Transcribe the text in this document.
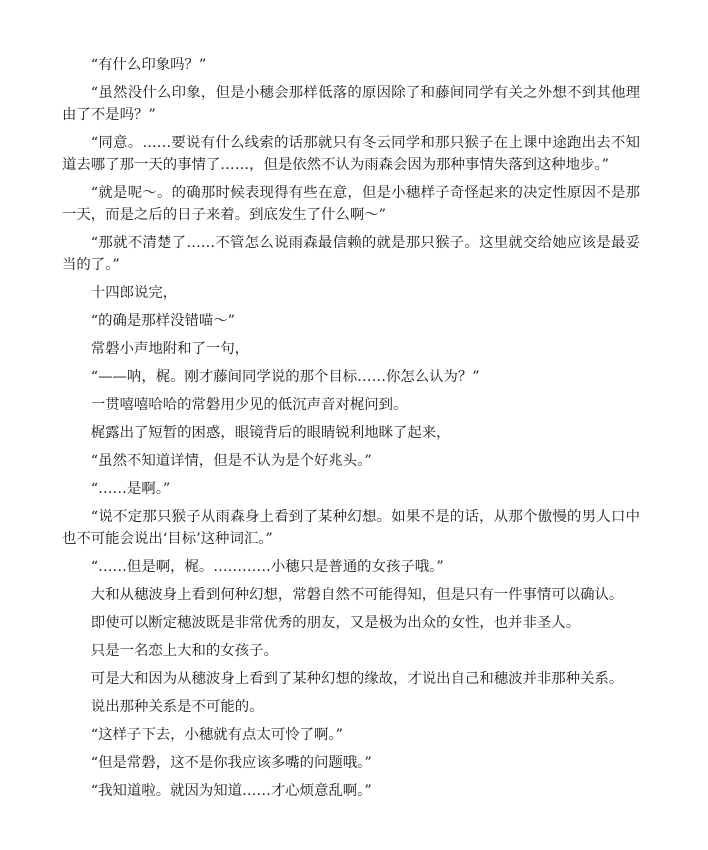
“有什么印象吗？”

“虽然没什么印象，但是小穗会那样低落的原因除了和藤间同学有关之外想不到其他理由了不是吗？”

“同意。……要说有什么线索的话那就只有冬云同学和那只猴子在上课中途跑出去不知道去哪了那一天的事情了……，但是依然不认为雨森会因为那种事情失落到这种地步。”

“就是呢～。的确那时候表现得有些在意，但是小穗样子奇怪起来的决定性原因不是那一天，而是之后的日子来着。到底发生了什么啊～”

“那就不清楚了……不管怎么说雨森最信赖的就是那只猴子。这里就交给她应该是最妥当的了。”

十四郎说完，

“的确是那样没错喵～”

常磐小声地附和了一句，

“——呐，梶。刚才藤间同学说的那个目标……你怎么认为？”

一贯嘻嘻哈哈的常磐用少见的低沉声音对梶问到。

梶露出了短暂的困惑，眼镜背后的眼睛锐利地眯了起来，

“虽然不知道详情，但是不认为是个好兆头。”

“……是啊。”

“说不定那只猴子从雨森身上看到了某种幻想。如果不是的话，从那个傲慢的男人口中也不可能会说出‘目标’这种词汇。”

“……但是啊，梶。…………小穗只是普通的女孩子哦。”

大和从穗波身上看到何种幻想，常磐自然不可能得知，但是只有一件事情可以确认。

即使可以断定穗波既是非常优秀的朋友，又是极为出众的女性，也并非圣人。

只是一名恋上大和的女孩子。

可是大和因为从穗波身上看到了某种幻想的缘故，才说出自己和穗波并非那种关系。

说出那种关系是不可能的。

“这样子下去，小穗就有点太可怜了啊。”

“但是常磐，这不是你我应该多嘴的问题哦。”

“我知道啦。就因为知道……才心烦意乱啊。”
